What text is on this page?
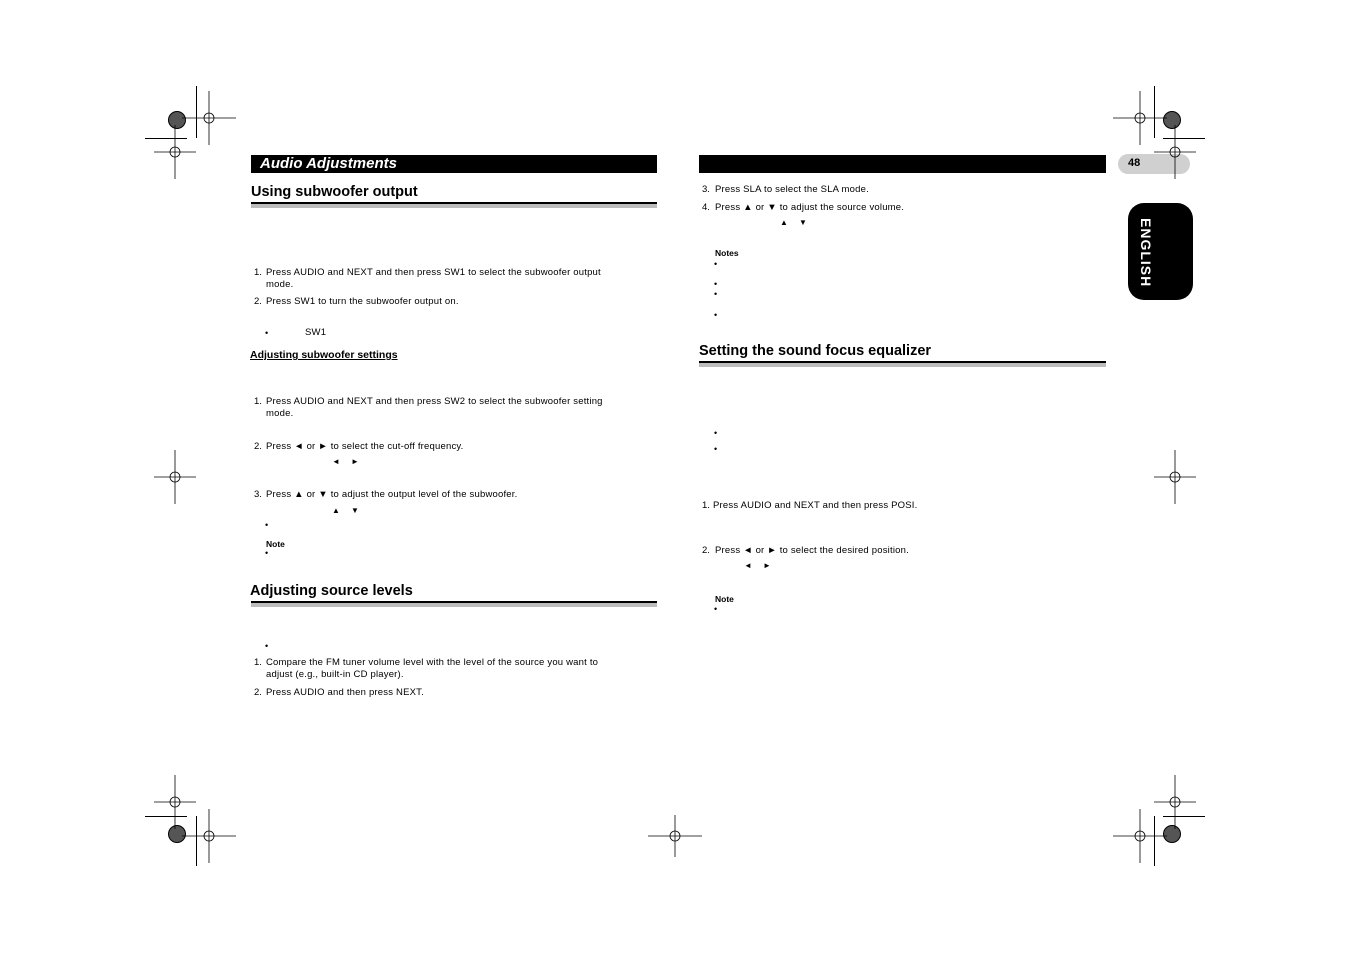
Audio Adjustments	48
ENGLISH
Using subwoofer output
1. Press AUDIO and NEXT and then press SW1 to select the subwoofer output
mode.
2. Press SW1 to turn the subwoofer output on.
•	SW1
Adjusting subwoofer settings
1. Press AUDIO and NEXT and then press SW2 to select the subwoofer setting
mode.
2. Press ◄ or ► to select the cut-off frequency.
◄     ►
3. Press ▲ or ▼ to adjust the output level of the subwoofer.
▲     ▼
•
Note
•
Adjusting source levels
•
1. Compare the FM tuner volume level with the level of the source you want to
adjust (e.g., built-in CD player).
2. Press AUDIO and then press NEXT.
3. Press SLA to select the SLA mode.
4. Press ▲ or ▼ to adjust the source volume.
▲     ▼
Notes
•
•
•
•
Setting the sound focus equalizer
•
•
1. Press AUDIO and NEXT and then press POSI.
2. Press ◄ or ► to select the desired position.
◄     ►
Note
•
